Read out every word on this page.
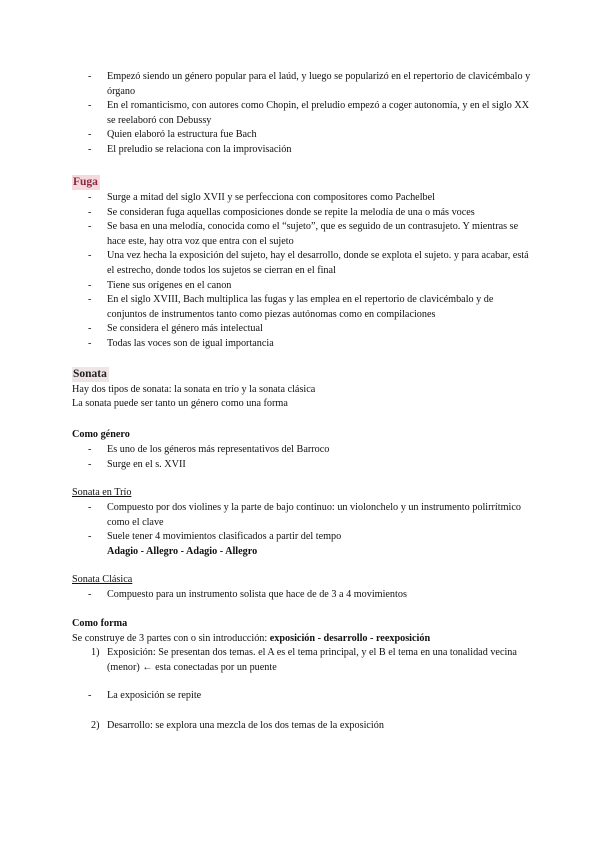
- Empezó siendo un género popular para el laúd, y luego se popularizó en el repertorio de clavicémbalo y órgano
- En el romanticismo, con autores como Chopin, el preludio empezó a coger autonomía, y en el siglo XX se reelaboró con Debussy
- Quien elaboró la estructura fue Bach
- El preludio se relaciona con la improvisación
Fuga
- Surge a mitad del siglo XVII y se perfecciona con compositores como Pachelbel
- Se consideran fuga aquellas composiciones donde se repite la melodía de una o más voces
- Se basa en una melodía, conocida como el “sujeto”, que es seguido de un contrasujeto. Y mientras se hace este, hay otra voz que entra con el sujeto
- Una vez hecha la exposición del sujeto, hay el desarrollo, donde se explota el sujeto. y para acabar, está el estrecho, donde todos los sujetos se cierran en el final
- Tiene sus orígenes en el canon
- En el siglo XVIII, Bach multiplica las fugas y las emplea en el repertorio de clavicémbalo y de conjuntos de instrumentos tanto como piezas autónomas como en compilaciones
- Se considera el género más intelectual
- Todas las voces son de igual importancia
Sonata

Hay dos tipos de sonata: la sonata en trío y la sonata clásica

La sonata puede ser tanto un género como una forma

Como género

- Es uno de los géneros más representativos del Barroco
- Surge en el s. XVII

Sonata en Trío

- Compuesto por dos violines y la parte de bajo continuo: un violonchelo y un instrumento polirrítmico como el clave
- Suele tener 4 movimientos clasificados a partir del tempo
Adagio - Allegro - Adagio - Allegro

Sonata Clásica

- Compuesto para un instrumento solista que hace de de 3 a 4 movimientos

Como forma

Se construye de 3 partes con o sin introducción: exposición - desarrollo - reexposición

1) Exposición: Se presentan dos temas. el A es el tema principal, y el B el tema en una tonalidad vecina (menor) ← esta conectadas por un puente
- La exposición se repite
2) Desarrollo: se explora una mezcla de los dos temas de la exposición
